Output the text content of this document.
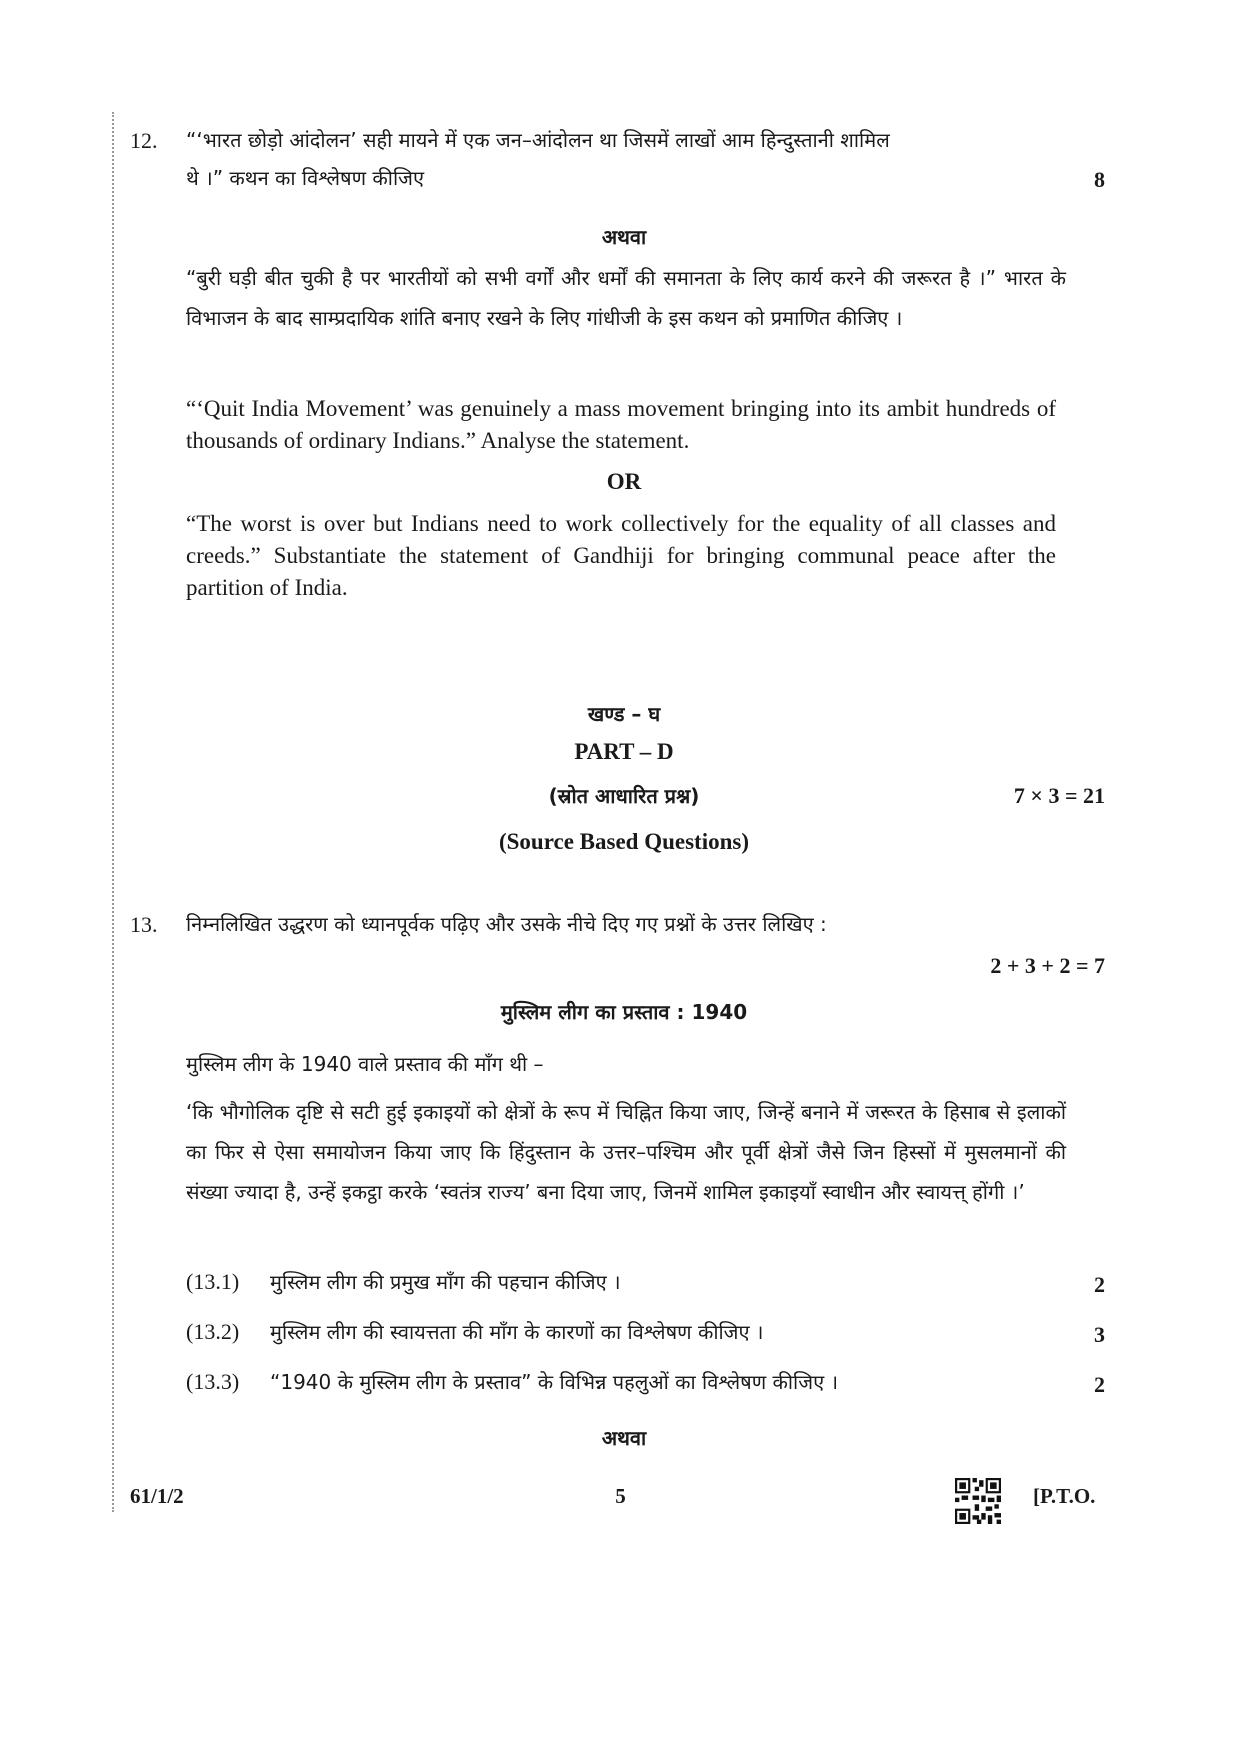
12. “‘भारत छोड़ो आंदोलन’ सही मायने में एक जन–आंदोलन था जिसमें लाखों आम हिन्दुस्तानी शामिल
थे ।” कथन का विश्लेषण कीजिए	8
अथवा
“बुरी घड़ी बीत चुकी है पर भारतीयों को सभी वर्गों और धर्मों की समानता के लिए कार्य करने की जरूरत है ।” भारत के विभाजन के बाद साम्प्रदायिक शांति बनाए रखने के लिए गांधीजी के इस कथन को प्रमाणित कीजिए ।
“‘Quit India Movement’ was genuinely a mass movement bringing into its ambit hundreds of thousands of ordinary Indians.” Analyse the statement.
OR
“The worst is over but Indians need to work collectively for the equality of all classes and creeds.” Substantiate the statement of Gandhiji for bringing communal peace after the partition of India.
खण्ड – घ
PART – D
(स्रोत आधारित प्रश्न)	7 × 3 = 21
(Source Based Questions)
13. निम्नलिखित उद्धरण को ध्यानपूर्वक पढ़िए और उसके नीचे दिए गए प्रश्नों के उत्तर लिखिए :
2 + 3 + 2 = 7
मुस्लिम लीग का प्रस्ताव : 1940
मुस्लिम लीग के 1940 वाले प्रस्ताव की माँग थी –
‘कि भौगोलिक दृष्टि से सटी हुई इकाइयों को क्षेत्रों के रूप में चिह्नित किया जाए, जिन्हें बनाने में जरूरत के हिसाब से इलाकों का फिर से ऐसा समायोजन किया जाए कि हिंदुस्तान के उत्तर–पश्चिम और पूर्वी क्षेत्रों जैसे जिन हिस्सों में मुसलमानों की संख्या ज्यादा है, उन्हें इकट्ठा करके ‘स्वतंत्र राज्य’ बना दिया जाए, जिनमें शामिल इकाइयाँ स्वाधीन और स्वायत्त् होंगी ।’
(13.1) मुस्लिम लीग की प्रमुख माँग की पहचान कीजिए ।	2
(13.2) मुस्लिम लीग की स्वायत्तता की माँग के कारणों का विश्लेषण कीजिए ।	3
(13.3) “1940 के मुस्लिम लीग के प्रस्ताव” के विभिन्न पहलुओं का विश्लेषण कीजिए ।	2
अथवा
61/1/2	5	[P.T.O.
